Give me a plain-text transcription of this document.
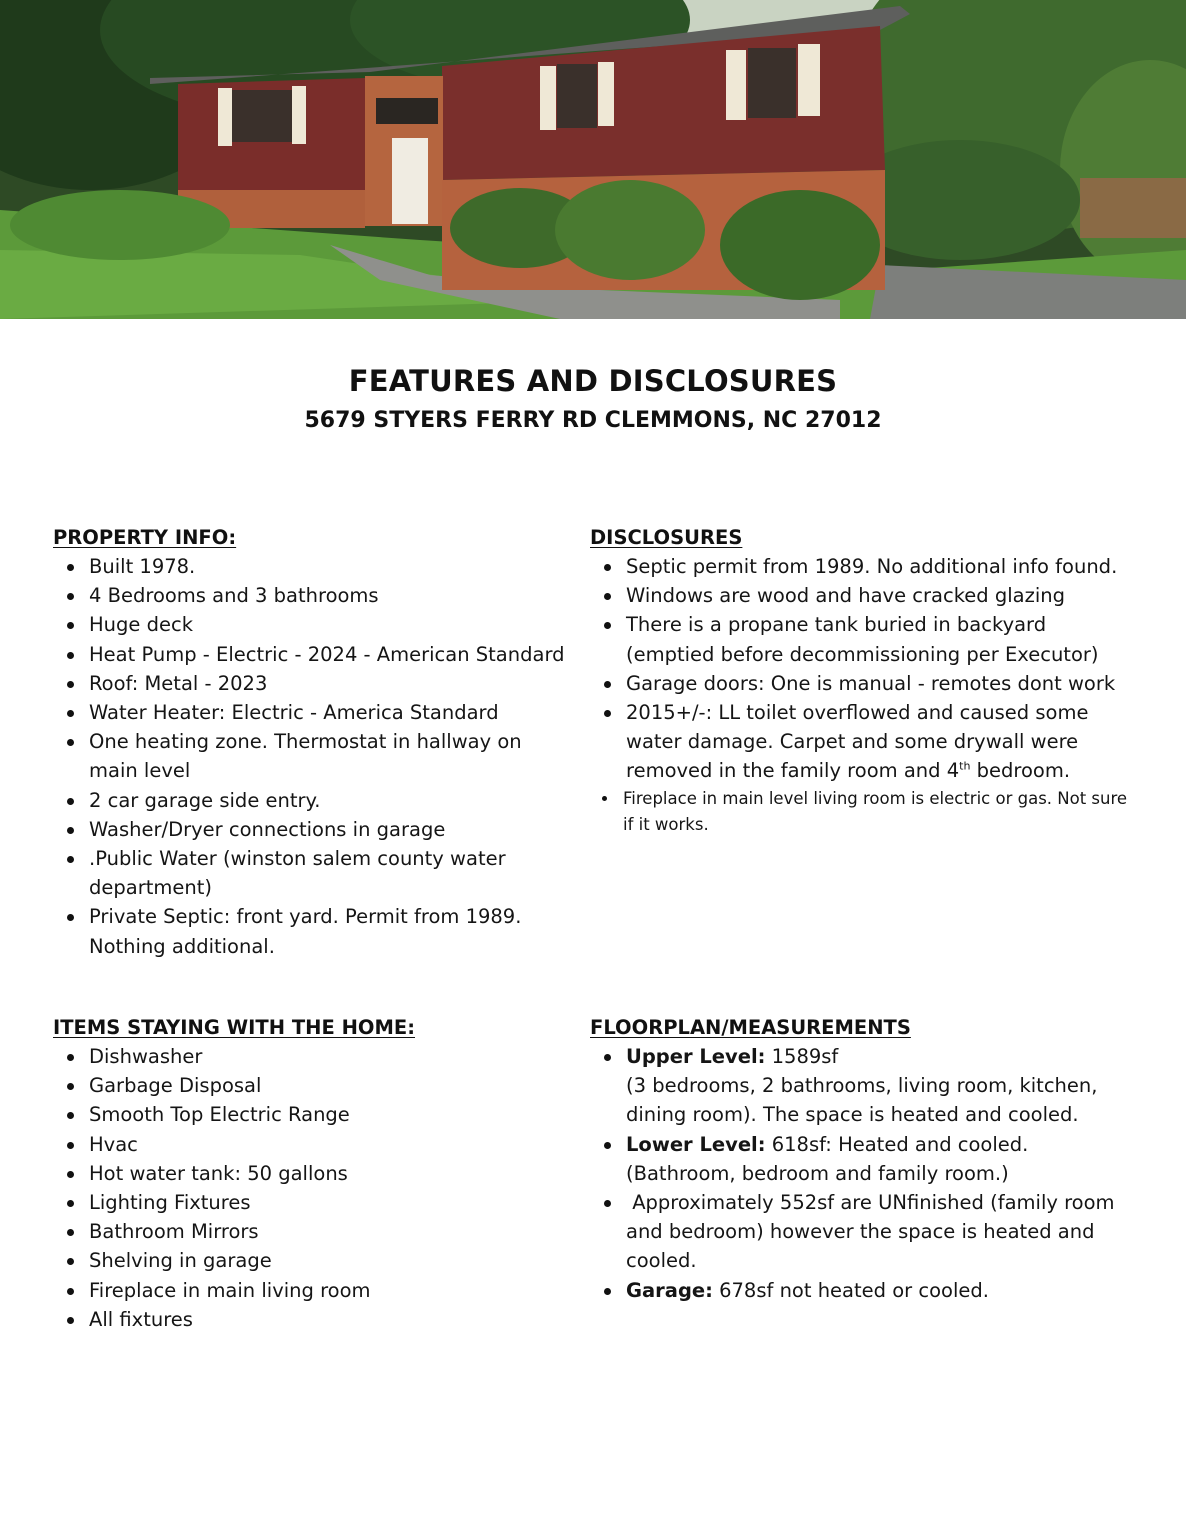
FEATURES AND DISCLOSURES
5679 STYERS FERRY RD CLEMMONS, NC 27012

PROPERTY INFO:

Built 1978.
4 Bedrooms and 3 bathrooms
Huge deck
Heat Pump - Electric - 2024 - American Standard
Roof: Metal - 2023
Water Heater: Electric - America Standard
One heating zone. Thermostat in hallway on main level
2 car garage side entry.
Washer/Dryer connections in garage
.Public Water (winston salem county water department)
Private Septic: front yard. Permit from 1989. Nothing additional.

DISCLOSURES

Septic permit from 1989. No additional info found.
Windows are wood and have cracked glazing
There is a propane tank buried in backyard (emptied before decommissioning per Executor)
Garage doors: One is manual - remotes dont work
2015+/-: LL toilet overflowed and caused some water damage. Carpet and some drywall were removed in the family room and 4th bedroom.
Fireplace in main level living room is electric or gas. Not sure if it works.

ITEMS STAYING WITH THE HOME:

Dishwasher
Garbage Disposal
Smooth Top Electric Range
Hvac
Hot water tank: 50 gallons
Lighting Fixtures
Bathroom Mirrors
Shelving in garage
Fireplace in main living room
All fixtures

FLOORPLAN/MEASUREMENTS

Upper Level: 1589sf
(3 bedrooms, 2 bathrooms, living room, kitchen, dining room). The space is heated and cooled.
Lower Level: 618sf: Heated and cooled. (Bathroom, bedroom and family room.)
Approximately 552sf are UNfinished (family room and bedroom) however the space is heated and cooled.
Garage: 678sf not heated or cooled.
